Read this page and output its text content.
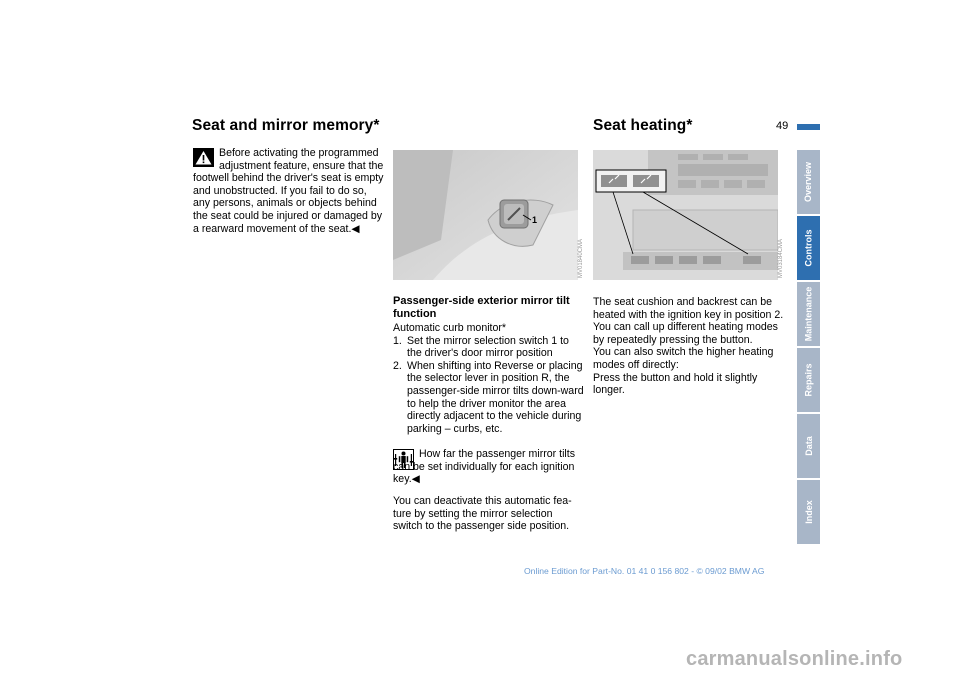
49
Seat and mirror memory*
Before activating the programmed
adjustment feature, ensure that the footwell behind the driver's seat is empty and unobstructed. If you fail to do so, any persons, animals or objects behind the seat could be injured or damaged by a rearward movement of the seat.◀
1
MV01840CMA
Passenger-side exterior mirror tilt function
Automatic curb monitor*
1. Set the mirror selection switch 1 to the driver's door mirror position
2. When shifting into Reverse or placing the selector lever in position R, the passenger-side mirror tilts down-ward to help the driver monitor the area directly adjacent to the vehicle during parking – curbs, etc.
How far the passenger mirror tilts can be set individually for each ignition key.◀
You can deactivate this automatic fea-ture by setting the mirror selection switch to the passenger side position.
Seat heating*
MV03184CMA
The seat cushion and backrest can be heated with the ignition key in position 2.
You can call up different heating modes by repeatedly pressing the button.
You can also switch the higher heating modes off directly:
Press the button and hold it slightly longer.
Overview
Controls
Maintenance
Repairs
Data
Index
Online Edition for Part-No. 01 41 0 156 802 - © 09/02 BMW AG
carmanualsonline.info
